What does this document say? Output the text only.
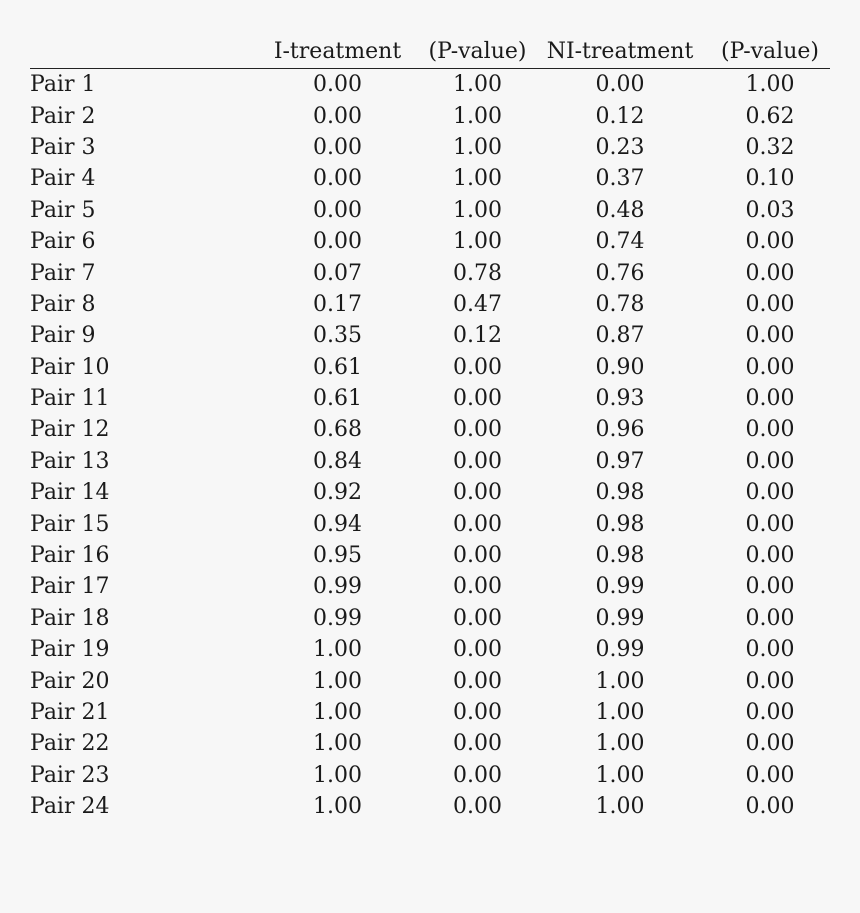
	I-treatment	(P-value)	NI-treatment	(P-value)
Pair 1	0.00	1.00	0.00	1.00
Pair 2	0.00	1.00	0.12	0.62
Pair 3	0.00	1.00	0.23	0.32
Pair 4	0.00	1.00	0.37	0.10
Pair 5	0.00	1.00	0.48	0.03
Pair 6	0.00	1.00	0.74	0.00
Pair 7	0.07	0.78	0.76	0.00
Pair 8	0.17	0.47	0.78	0.00
Pair 9	0.35	0.12	0.87	0.00
Pair 10	0.61	0.00	0.90	0.00
Pair 11	0.61	0.00	0.93	0.00
Pair 12	0.68	0.00	0.96	0.00
Pair 13	0.84	0.00	0.97	0.00
Pair 14	0.92	0.00	0.98	0.00
Pair 15	0.94	0.00	0.98	0.00
Pair 16	0.95	0.00	0.98	0.00
Pair 17	0.99	0.00	0.99	0.00
Pair 18	0.99	0.00	0.99	0.00
Pair 19	1.00	0.00	0.99	0.00
Pair 20	1.00	0.00	1.00	0.00
Pair 21	1.00	0.00	1.00	0.00
Pair 22	1.00	0.00	1.00	0.00
Pair 23	1.00	0.00	1.00	0.00
Pair 24	1.00	0.00	1.00	0.00
